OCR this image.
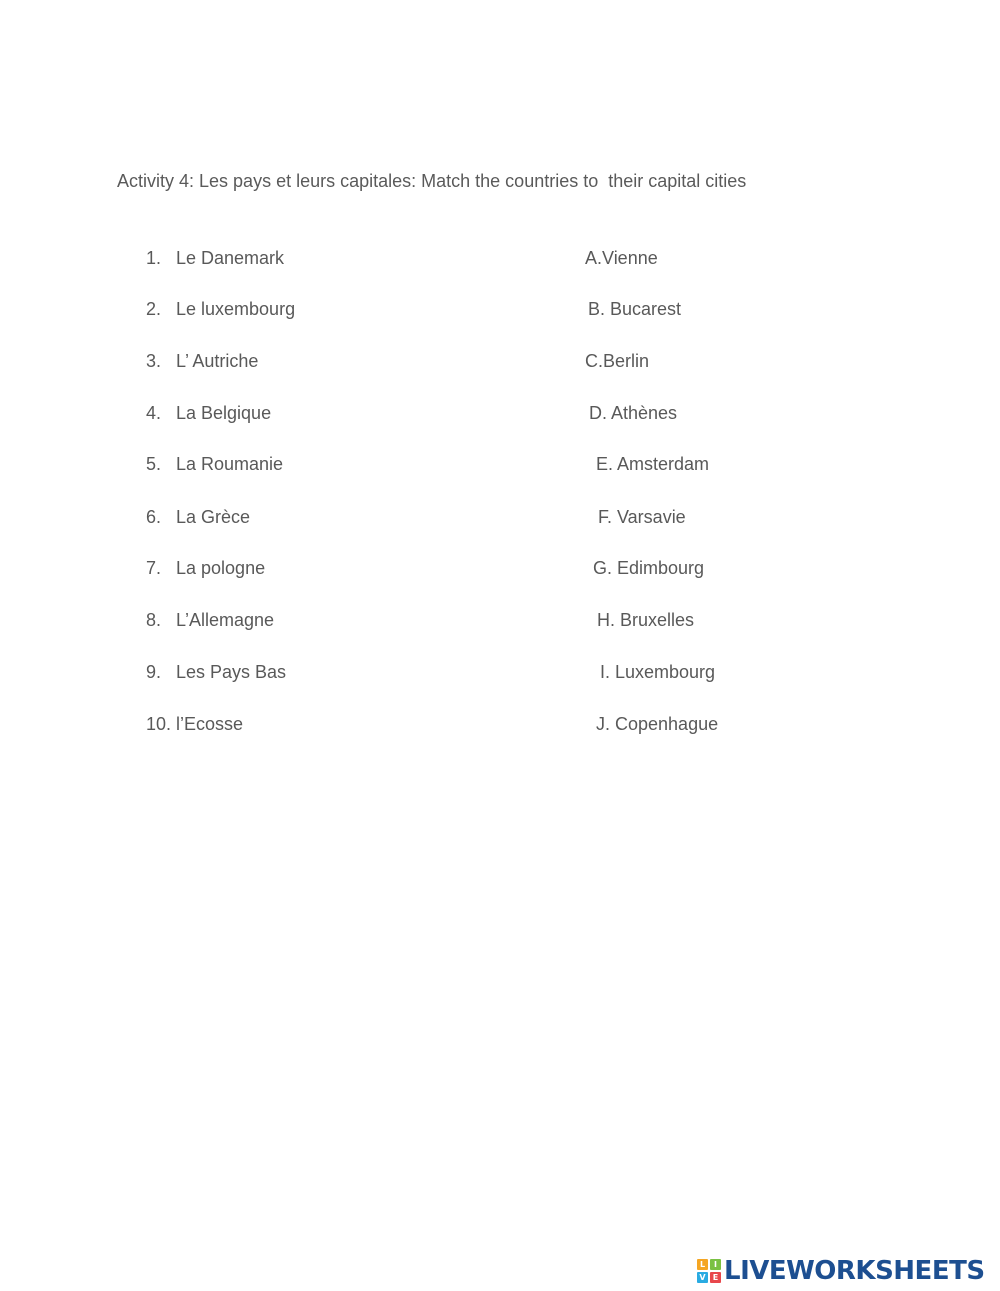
Activity 4: Les pays et leurs capitales: Match the countries to  their capital cities
1. Le Danemark	A.Vienne
2. Le luxembourg	B. Bucarest
3. L’ Autriche	C.Berlin
4. La Belgique	D. Athènes
5. La Roumanie	E. Amsterdam
6. La Grèce	F. Varsavie
7. La pologne	G. Edimbourg
8. L’Allemagne	H. Bruxelles
9. Les Pays Bas	I. Luxembourg
10. l’Ecosse	J. Copenhague
L	I
V E LIVEWORKSHEETS
